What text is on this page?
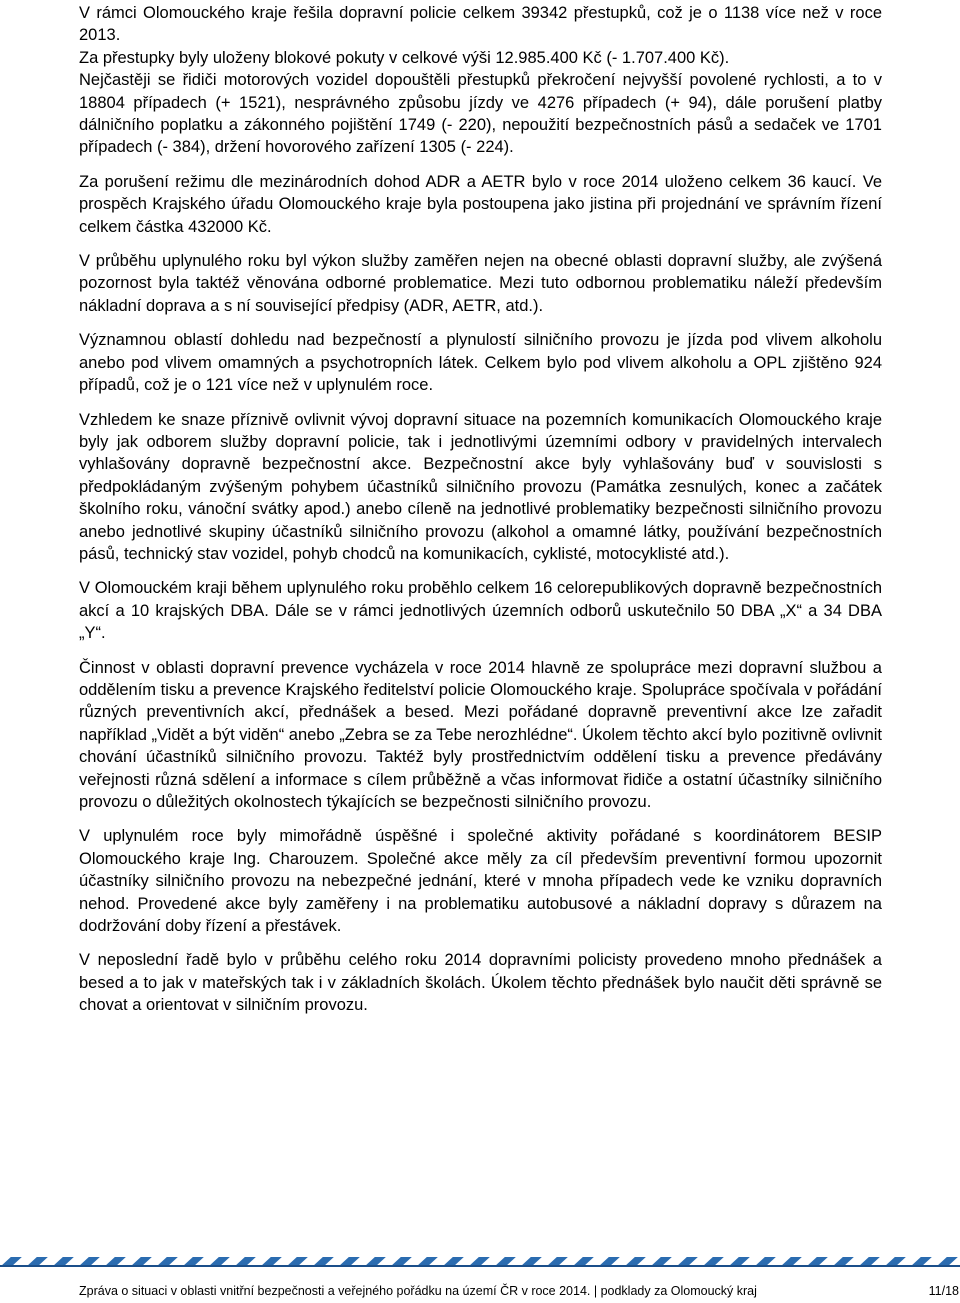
V rámci Olomouckého kraje řešila dopravní policie celkem 39342 přestupků, což je o 1138 více než v roce 2013.

Za přestupky byly uloženy blokové pokuty v celkové výši 12.985.400 Kč (- 1.707.400 Kč).

Nejčastěji se řidiči motorových vozidel dopouštěli přestupků překročení nejvyšší povolené rychlosti, a to v 18804 případech (+ 1521), nesprávného způsobu jízdy ve 4276 případech (+ 94), dále porušení platby dálničního poplatku a zákonného pojištění 1749 (- 220), nepoužití bezpečnostních pásů a sedaček ve 1701 případech (- 384), držení hovorového zařízení 1305 (- 224).

Za porušení režimu dle mezinárodních dohod ADR a AETR bylo v roce 2014 uloženo celkem 36 kaucí. Ve prospěch Krajského úřadu Olomouckého kraje byla postoupena jako jistina při projednání ve správním řízení celkem částka 432000 Kč.

V průběhu uplynulého roku byl výkon služby zaměřen nejen na obecné oblasti dopravní služby, ale zvýšená pozornost byla taktéž věnována odborné problematice. Mezi tuto odbornou problematiku náleží především nákladní doprava a s ní související předpisy (ADR, AETR, atd.).

Významnou oblastí dohledu nad bezpečností a plynulostí silničního provozu je jízda pod vlivem alkoholu anebo pod vlivem omamných a psychotropních látek. Celkem bylo pod vlivem alkoholu a OPL zjištěno 924 případů, což je o 121 více než v uplynulém roce.

Vzhledem ke snaze příznivě ovlivnit vývoj dopravní situace na pozemních komunikacích Olomouckého kraje byly jak odborem služby dopravní policie, tak i jednotlivými územními odbory v pravidelných intervalech vyhlašovány dopravně bezpečnostní akce. Bezpečnostní akce byly vyhlašovány buď v souvislosti s předpokládaným zvýšeným pohybem účastníků silničního provozu (Památka zesnulých, konec a začátek školního roku, vánoční svátky apod.) anebo cíleně na jednotlivé problematiky bezpečnosti silničního provozu anebo jednotlivé skupiny účastníků silničního provozu (alkohol a omamné látky, používání bezpečnostních pásů, technický stav vozidel, pohyb chodců na komunikacích, cyklisté, motocyklisté atd.).

V Olomouckém kraji během uplynulého roku proběhlo celkem 16 celorepublikových dopravně bezpečnostních akcí a 10 krajských DBA. Dále se v rámci jednotlivých územních odborů uskutečnilo 50 DBA „X“ a 34 DBA „Y“.

Činnost v oblasti dopravní prevence vycházela v roce 2014 hlavně ze spolupráce mezi dopravní službou a oddělením tisku a prevence Krajského ředitelství policie Olomouckého kraje. Spolupráce spočívala v pořádání různých preventivních akcí, přednášek a besed. Mezi pořádané dopravně preventivní akce lze zařadit například „Vidět a být viděn“ anebo „Zebra se za Tebe nerozhlédne“. Úkolem těchto akcí bylo pozitivně ovlivnit chování účastníků silničního provozu. Taktéž byly prostřednictvím oddělení tisku a prevence předávány veřejnosti různá sdělení a informace s cílem průběžně a včas informovat řidiče a ostatní účastníky silničního provozu o důležitých okolnostech týkajících se bezpečnosti silničního provozu.

V uplynulém roce byly mimořádně úspěšné i společné aktivity pořádané s koordinátorem BESIP Olomouckého kraje Ing. Charouzem. Společné akce měly za cíl především preventivní formou upozornit účastníky silničního provozu na nebezpečné jednání, které v mnoha případech vede ke vzniku dopravních nehod. Provedené akce byly zaměřeny i na problematiku autobusové a nákladní dopravy s důrazem na dodržování doby řízení a přestávek.

V neposlední řadě bylo v průběhu celého roku 2014 dopravními policisty provedeno mnoho přednášek a besed a to jak v mateřských tak i v základních školách. Úkolem těchto přednášek bylo naučit děti správně se chovat a orientovat v silničním provozu.

Zpráva o situaci v oblasti vnitřní bezpečnosti a veřejného pořádku na území ČR v roce 2014. | podklady za Olomoucký kraj	11/18
